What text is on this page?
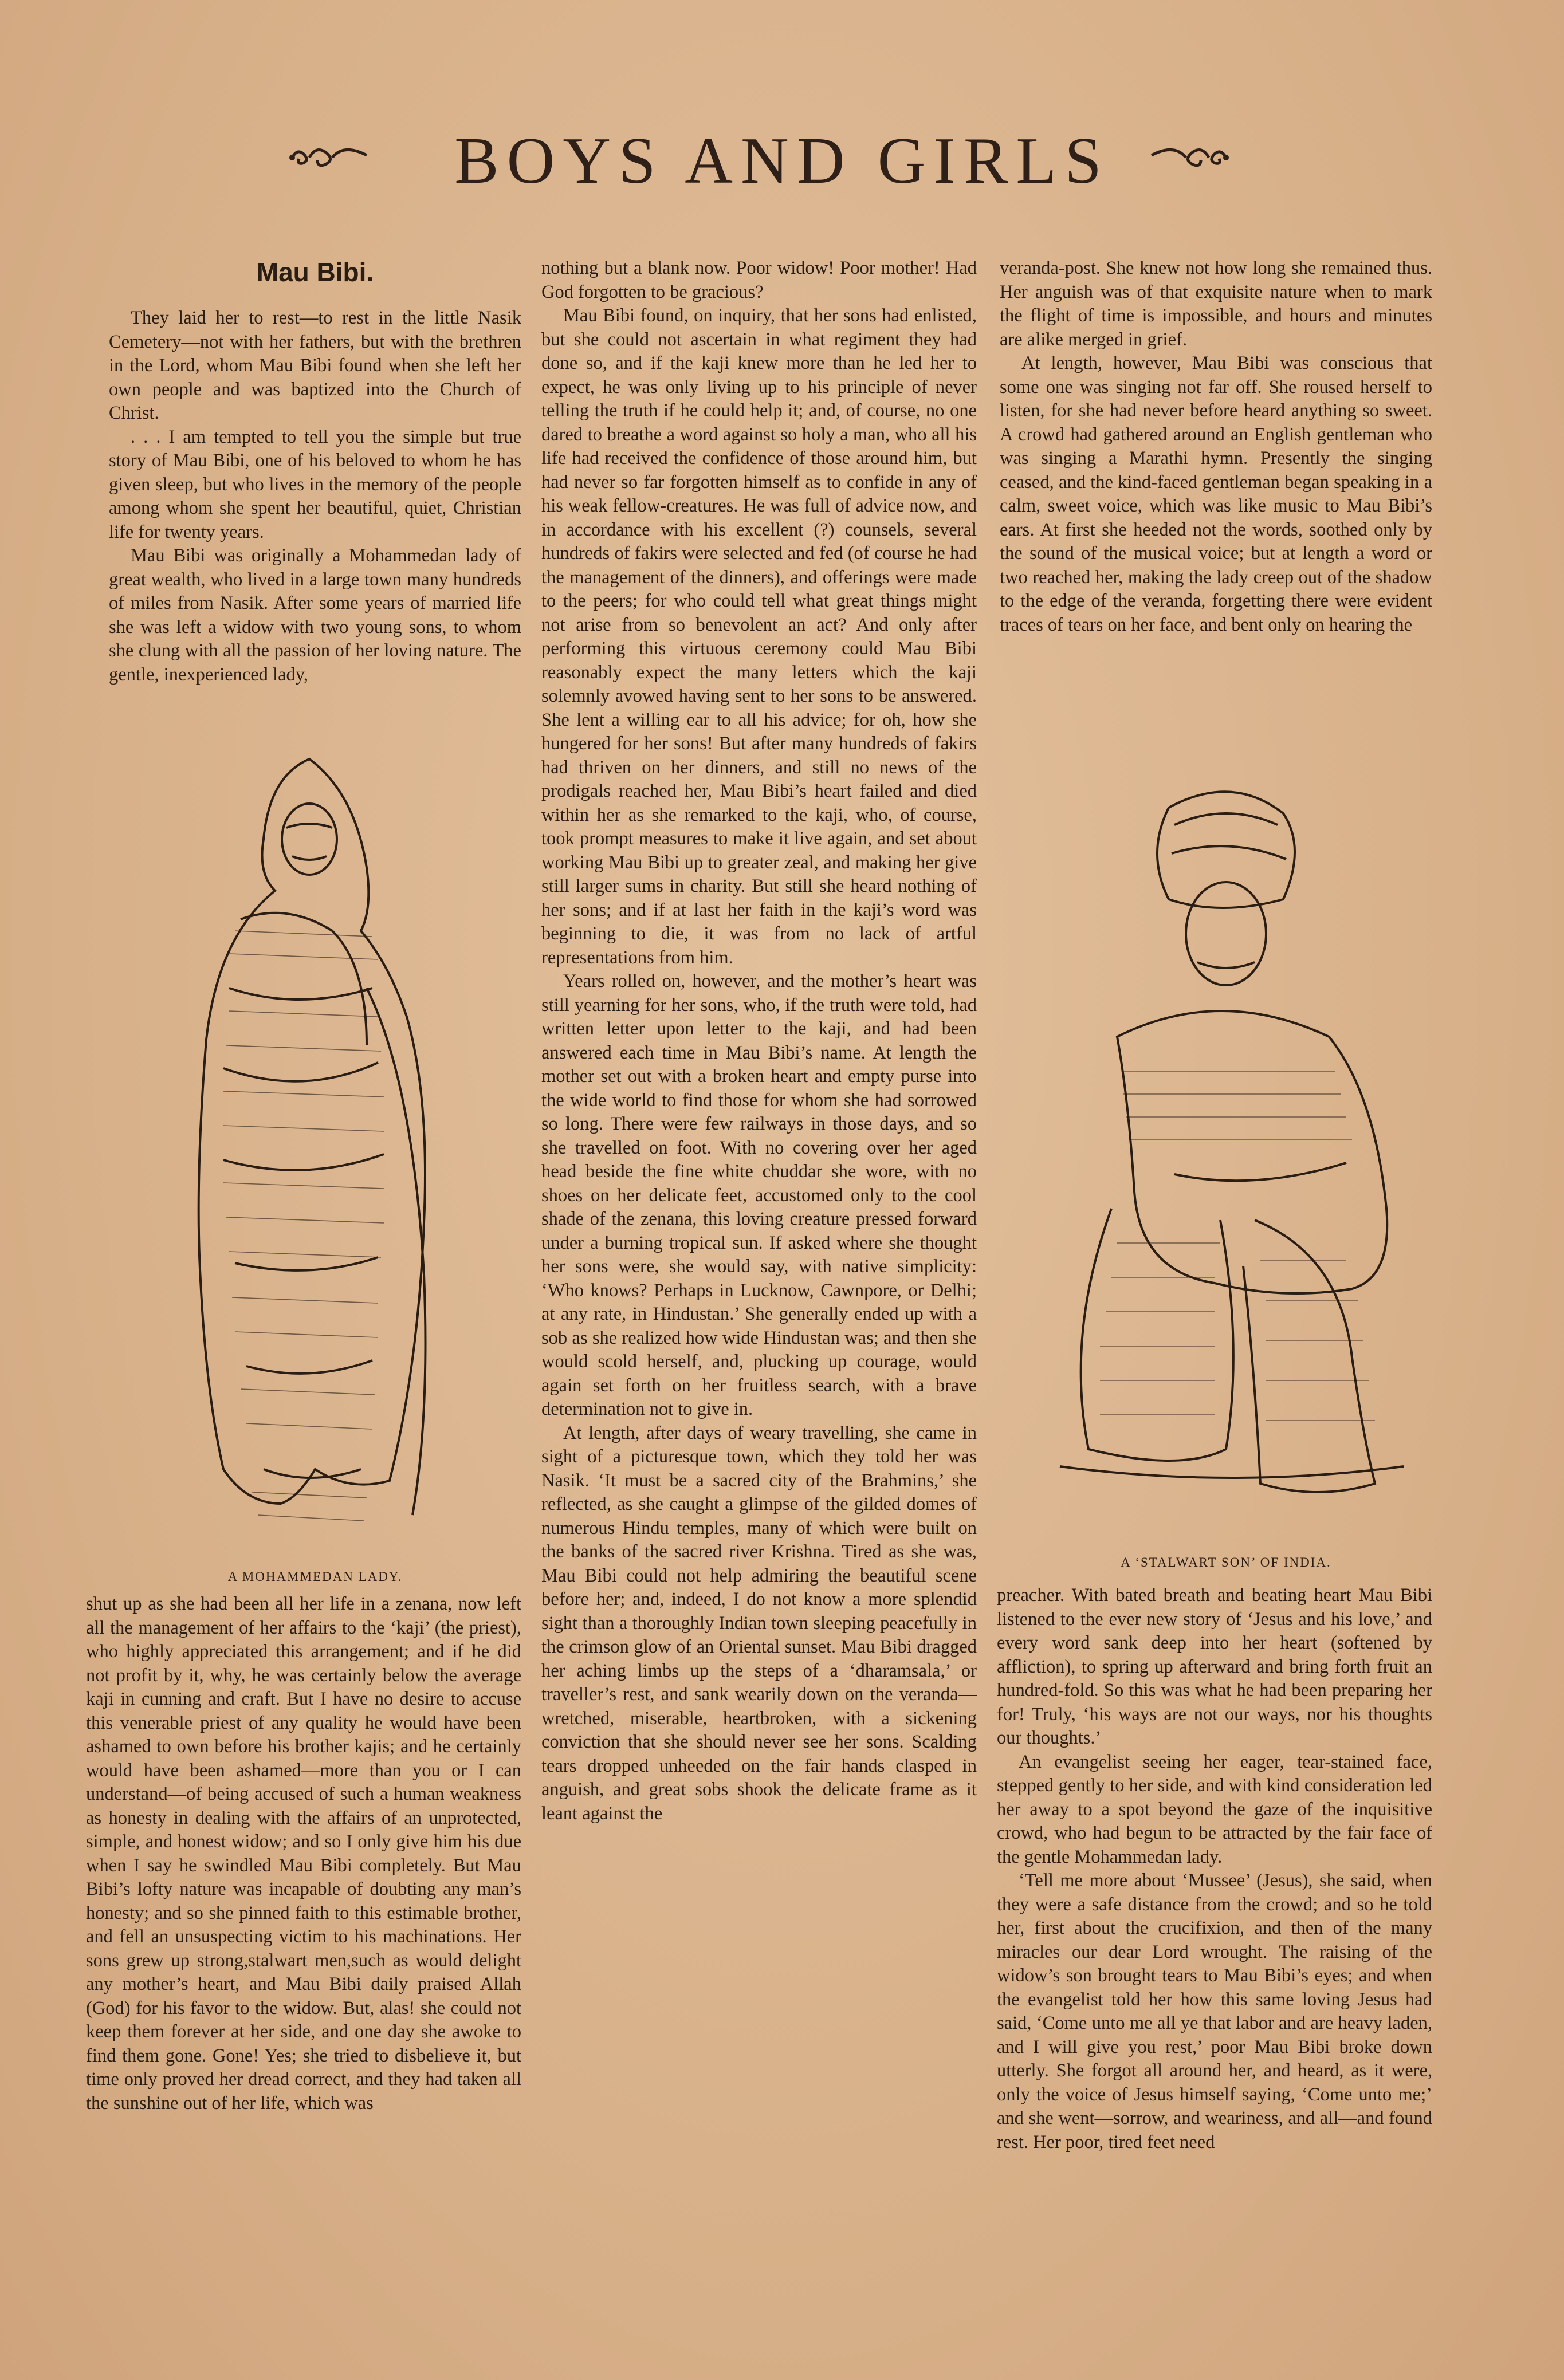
BOYS AND GIRLS
Mau Bibi.

They laid her to rest—to rest in the little Nasik Cemetery—not with her fathers, but with the brethren in the Lord, whom Mau Bibi found when she left her own people and was baptized into the Church of Christ.

. . . I am tempted to tell you the simple but true story of Mau Bibi, one of his beloved to whom he has given sleep, but who lives in the memory of the people among whom she spent her beautiful, quiet, Christian life for twenty years.

Mau Bibi was originally a Mohammedan lady of great wealth, who lived in a large town many hundreds of miles from Nasik. After some years of married life she was left a widow with two young sons, to whom she clung with all the passion of her loving nature. The gentle, inexperienced lady,

A MOHAMMEDAN LADY.

shut up as she had been all her life in a zenana, now left all the management of her affairs to the ‘kaji’ (the priest), who highly appreciated this arrangement; and if he did not profit by it, why, he was certainly below the average kaji in cunning and craft. But I have no desire to accuse this venerable priest of any quality he would have been ashamed to own before his brother kajis; and he certainly would have been ashamed—more than you or I can understand—of being accused of such a human weakness as honesty in dealing with the affairs of an unprotected, simple, and honest widow; and so I only give him his due when I say he swindled Mau Bibi completely. But Mau Bibi’s lofty nature was incapable of doubting any man’s honesty; and so she pinned faith to this estimable brother, and fell an unsuspecting victim to his machinations. Her sons grew up strong,stalwart men,such as would delight any mother’s heart, and Mau Bibi daily praised Allah (God) for his favor to the widow. But, alas! she could not keep them forever at her side, and one day she awoke to find them gone. Gone! Yes; she tried to disbelieve it, but time only proved her dread correct, and they had taken all the sunshine out of her life, which was

nothing but a blank now. Poor widow! Poor mother! Had God forgotten to be gracious?

Mau Bibi found, on inquiry, that her sons had enlisted, but she could not ascertain in what regiment they had done so, and if the kaji knew more than he led her to expect, he was only living up to his principle of never telling the truth if he could help it; and, of course, no one dared to breathe a word against so holy a man, who all his life had received the confidence of those around him, but had never so far forgotten himself as to confide in any of his weak fellow-creatures. He was full of advice now, and in accordance with his excellent (?) counsels, several hundreds of fakirs were selected and fed (of course he had the management of the dinners), and offerings were made to the peers; for who could tell what great things might not arise from so benevolent an act? And only after performing this virtuous ceremony could Mau Bibi reasonably expect the many letters which the kaji solemnly avowed having sent to her sons to be answered. She lent a willing ear to all his advice; for oh, how she hungered for her sons! But after many hundreds of fakirs had thriven on her dinners, and still no news of the prodigals reached her, Mau Bibi’s heart failed and died within her as she remarked to the kaji, who, of course, took prompt measures to make it live again, and set about working Mau Bibi up to greater zeal, and making her give still larger sums in charity. But still she heard nothing of her sons; and if at last her faith in the kaji’s word was beginning to die, it was from no lack of artful representations from him.

Years rolled on, however, and the mother’s heart was still yearning for her sons, who, if the truth were told, had written letter upon letter to the kaji, and had been answered each time in Mau Bibi’s name. At length the mother set out with a broken heart and empty purse into the wide world to find those for whom she had sorrowed so long. There were few railways in those days, and so she travelled on foot. With no covering over her aged head beside the fine white chuddar she wore, with no shoes on her delicate feet, accustomed only to the cool shade of the zenana, this loving creature pressed forward under a burning tropical sun. If asked where she thought her sons were, she would say, with native simplicity: ‘Who knows? Perhaps in Lucknow, Cawnpore, or Delhi; at any rate, in Hindustan.’ She generally ended up with a sob as she realized how wide Hindustan was; and then she would scold herself, and, plucking up courage, would again set forth on her fruitless search, with a brave determination not to give in.

At length, after days of weary travelling, she came in sight of a picturesque town, which they told her was Nasik. ‘It must be a sacred city of the Brahmins,’ she reflected, as she caught a glimpse of the gilded domes of numerous Hindu temples, many of which were built on the banks of the sacred river Krishna. Tired as she was, Mau Bibi could not help admiring the beautiful scene before her; and, indeed, I do not know a more splendid sight than a thoroughly Indian town sleeping peacefully in the crimson glow of an Oriental sunset. Mau Bibi dragged her aching limbs up the steps of a ‘dharamsala,’ or traveller’s rest, and sank wearily down on the veranda—wretched, miserable, heartbroken, with a sickening conviction that she should never see her sons. Scalding tears dropped unheeded on the fair hands clasped in anguish, and great sobs shook the delicate frame as it leant against the

veranda-post. She knew not how long she remained thus. Her anguish was of that exquisite nature when to mark the flight of time is impossible, and hours and minutes are alike merged in grief.

At length, however, Mau Bibi was conscious that some one was singing not far off. She roused herself to listen, for she had never before heard anything so sweet. A crowd had gathered around an English gentleman who was singing a Marathi hymn. Presently the singing ceased, and the kind-faced gentleman began speaking in a calm, sweet voice, which was like music to Mau Bibi’s ears. At first she heeded not the words, soothed only by the sound of the musical voice; but at length a word or two reached her, making the lady creep out of the shadow to the edge of the veranda, forgetting there were evident traces of tears on her face, and bent only on hearing the

A ‘STALWART SON’ OF INDIA.

preacher. With bated breath and beating heart Mau Bibi listened to the ever new story of ‘Jesus and his love,’ and every word sank deep into her heart (softened by affliction), to spring up afterward and bring forth fruit an hundred-fold. So this was what he had been preparing her for! Truly, ‘his ways are not our ways, nor his thoughts our thoughts.’

An evangelist seeing her eager, tear-stained face, stepped gently to her side, and with kind consideration led her away to a spot beyond the gaze of the inquisitive crowd, who had begun to be attracted by the fair face of the gentle Mohammedan lady.

‘Tell me more about ‘Mussee’ (Jesus), she said, when they were a safe distance from the crowd; and so he told her, first about the crucifixion, and then of the many miracles our dear Lord wrought. The raising of the widow’s son brought tears to Mau Bibi’s eyes; and when the evangelist told her how this same loving Jesus had said, ‘Come unto me all ye that labor and are heavy laden, and I will give you rest,’ poor Mau Bibi broke down utterly. She forgot all around her, and heard, as it were, only the voice of Jesus himself saying, ‘Come unto me;’ and she went—sorrow, and weariness, and all—and found rest. Her poor, tired feet need
